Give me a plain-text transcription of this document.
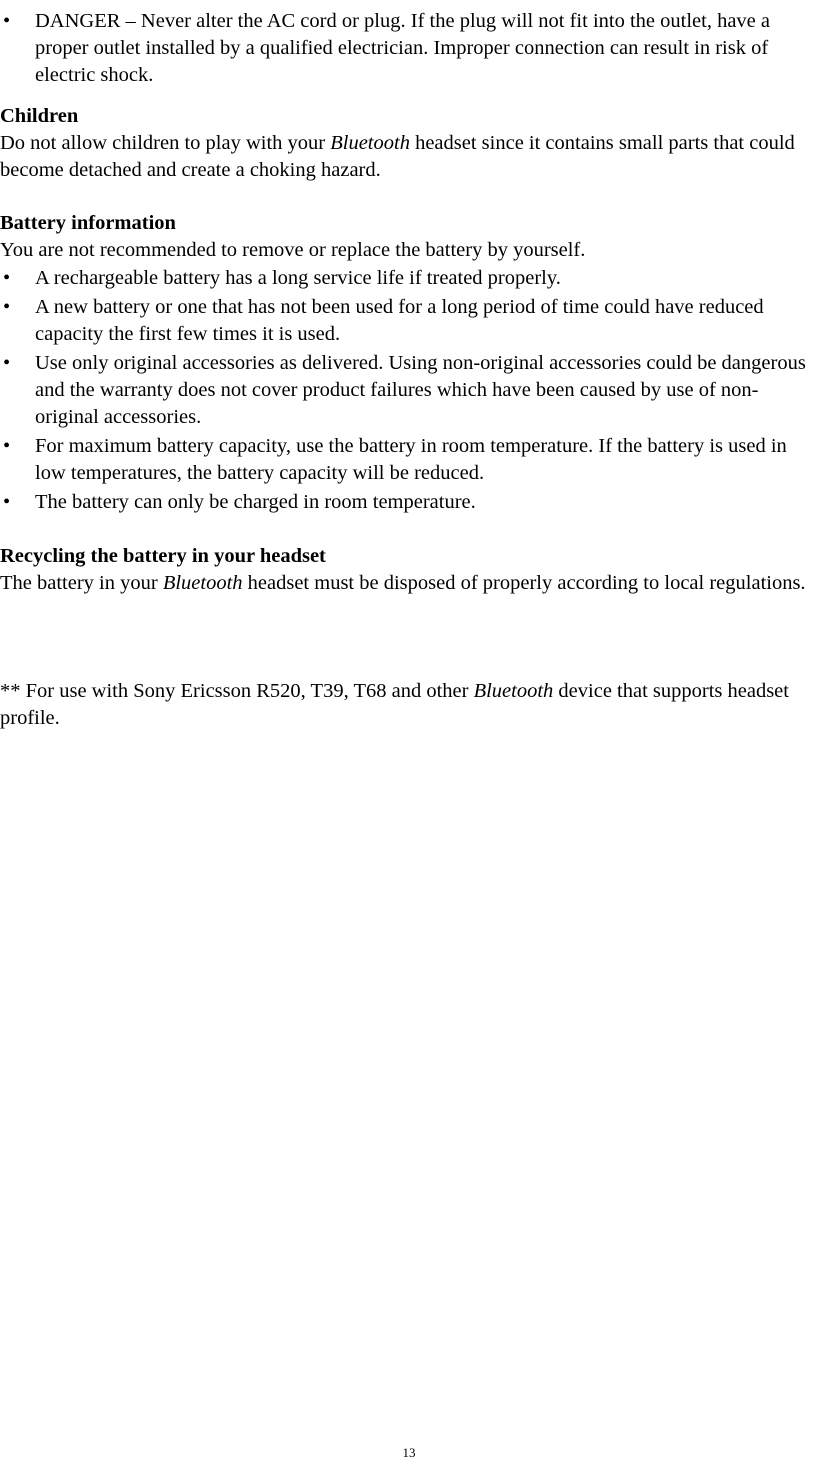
•	DANGER – Never alter the AC cord or plug. If the plug will not fit into the outlet, have a proper outlet installed by a qualified electrician. Improper connection can result in risk of electric shock.

Children

Do not allow children to play with your Bluetooth headset since it contains small parts that could become detached and create a choking hazard.

Battery information

You are not recommended to remove or replace the battery by yourself.

•	A rechargeable battery has a long service life if treated properly.
•	A new battery or one that has not been used for a long period of time could have reduced capacity the first few times it is used.
•	Use only original accessories as delivered. Using non-original accessories could be dangerous and the warranty does not cover product failures which have been caused by use of non-original accessories.
•	For maximum battery capacity, use the battery in room temperature. If the battery is used in low temperatures, the battery capacity will be reduced.
•	The battery can only be charged in room temperature.

Recycling the battery in your headset

The battery in your Bluetooth headset must be disposed of properly according to local regulations.

** For use with Sony Ericsson R520, T39, T68 and other Bluetooth device that supports headset profile.

13
